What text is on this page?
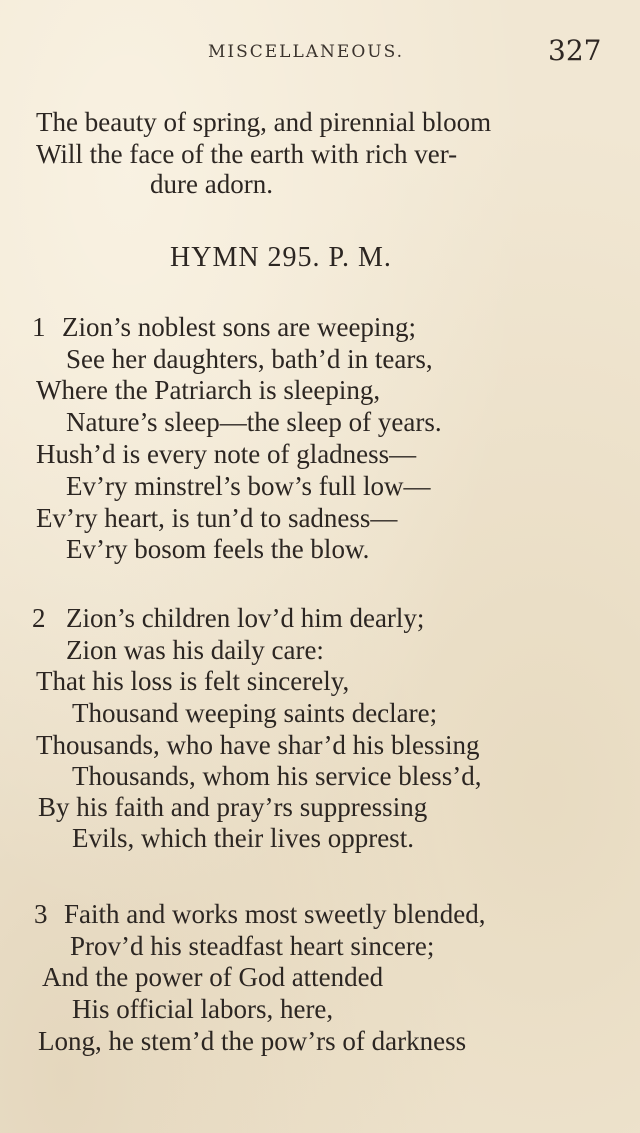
MISCELLANEOUS.	327
The beauty of spring, and pirennial bloom
Will the face of the earth with rich ver-
dure adorn.
HYMN 295. P. M.
1 Zion’s noblest sons are weeping;
See her daughters, bath’d in tears,
Where the Patriarch is sleeping,
Nature’s sleep—the sleep of years.
Hush’d is every note of gladness—
Ev’ry minstrel’s bow’s full low—
Ev’ry heart, is tun’d to sadness—
Ev’ry bosom feels the blow.
2 Zion’s children lov’d him dearly;
Zion was his daily care:
That his loss is felt sincerely,
Thousand weeping saints declare;
Thousands, who have shar’d his blessing
Thousands, whom his service bless’d,
By his faith and pray’rs suppressing
Evils, which their lives opprest.
3 Faith and works most sweetly blended,
Prov’d his steadfast heart sincere;
And the power of God attended
His official labors, here,
Long, he stem’d the pow’rs of darkness
